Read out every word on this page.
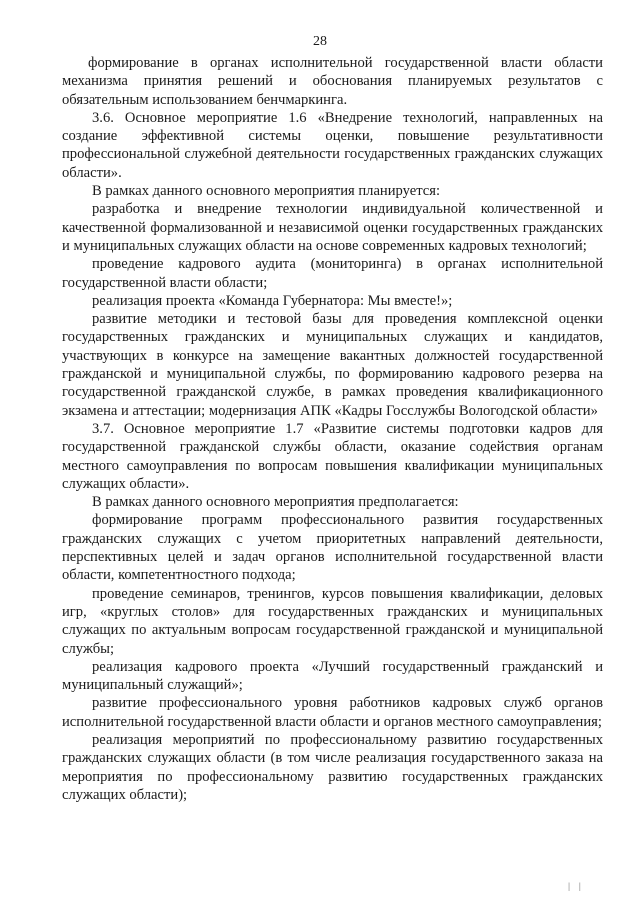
28

формирование в органах исполнительной государственной власти области механизма принятия решений и обоснования планируемых результатов с обязательным использованием бенчмаркинга.

3.6. Основное мероприятие 1.6 «Внедрение технологий, направленных на создание эффективной системы оценки, повышение результативности профессиональной служебной деятельности государственных гражданских служащих области».

В рамках данного основного мероприятия планируется:

разработка и внедрение технологии индивидуальной количественной и качественной формализованной и независимой оценки государственных гражданских и муниципальных служащих области на основе современных кадровых технологий;

проведение кадрового аудита (мониторинга) в органах исполнительной государственной власти области;

реализация проекта «Команда Губернатора: Мы вместе!»;

развитие методики и тестовой базы для проведения комплексной оценки государственных гражданских и муниципальных служащих и кандидатов, участвующих в конкурсе на замещение вакантных должностей государственной гражданской и муниципальной службы, по формированию кадрового резерва на государственной гражданской службе, в рамках проведения квалификационного экзамена и аттестации; модернизация АПК «Кадры Госслужбы Вологодской области»

3.7. Основное мероприятие 1.7 «Развитие системы подготовки кадров для государственной гражданской службы области, оказание содействия органам местного самоуправления по вопросам повышения квалификации муниципальных служащих области».

В рамках данного основного мероприятия предполагается:

формирование программ профессионального развития государственных гражданских служащих с учетом приоритетных направлений деятельности, перспективных целей и задач органов исполнительной государственной власти области, компетентностного подхода;

проведение семинаров, тренингов, курсов повышения квалификации, деловых игр, «круглых столов» для государственных гражданских и муниципальных служащих по актуальным вопросам государственной гражданской и муниципальной службы;

реализация кадрового проекта «Лучший государственный гражданский и муниципальный служащий»;

развитие профессионального уровня работников кадровых служб органов исполнительной государственной власти области и органов местного самоуправления;

реализация мероприятий по профессиональному развитию государственных гражданских служащих области (в том числе реализация государственного заказа на мероприятия по профессиональному развитию государственных гражданских служащих области);

| |
